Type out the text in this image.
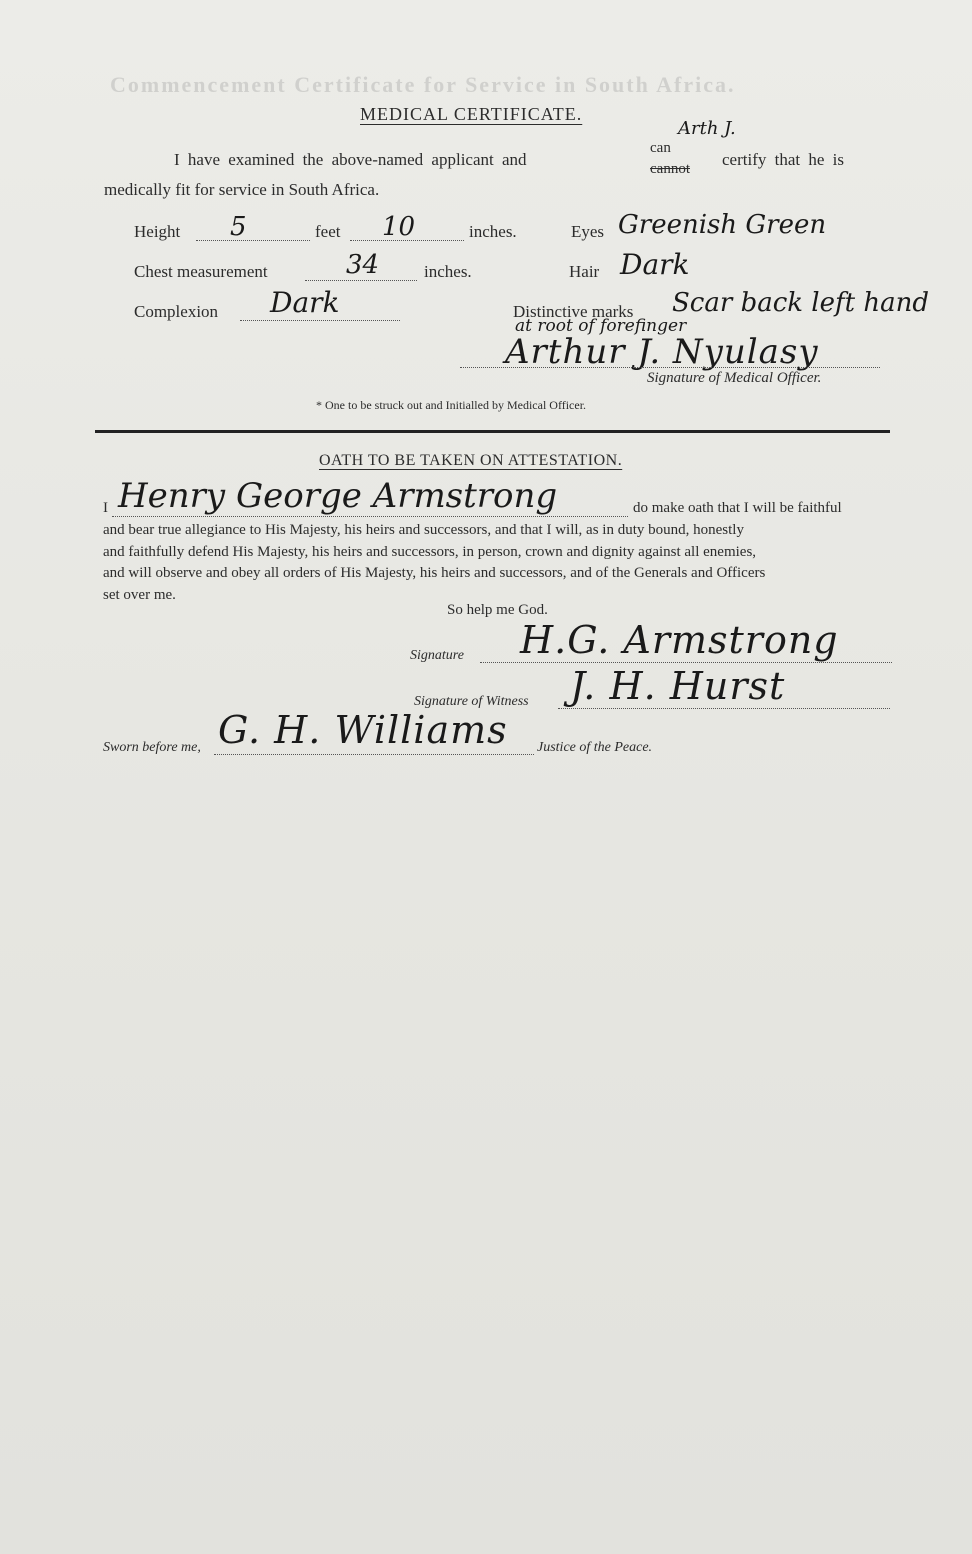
Commencement Certificate for Service in South Africa.
MEDICAL CERTIFICATE.
Arth J.
I have examined the above-named applicant and
can
cannot certify that he is
medically fit for service in South Africa.
Height 5	feet 10	inches.	Eyes Greenish Green
Chest measurement	34	inches.	Hair Dark
Complexion Dark	Distinctive marks Scar back left hand
at root of forefinger
Arthur J. Nyulasy
Signature of Medical Officer.
* One to be struck out and Initialled by Medical Officer.
OATH TO BE TAKEN ON ATTESTATION.
I Henry George Armstrong	do make oath that I will be faithful
and bear true allegiance to His Majesty, his heirs and successors, and that I will, as in duty bound, honestly
and faithfully defend His Majesty, his heirs and successors, in person, crown and dignity against all enemies,
and will observe and obey all orders of His Majesty, his heirs and successors, and of the Generals and Officers
set over me.
So help me God.
Signature H.G. Armstrong
Signature of Witness J. H. Hurst
Sworn before me, G. H. Williams Justice of the Peace.
